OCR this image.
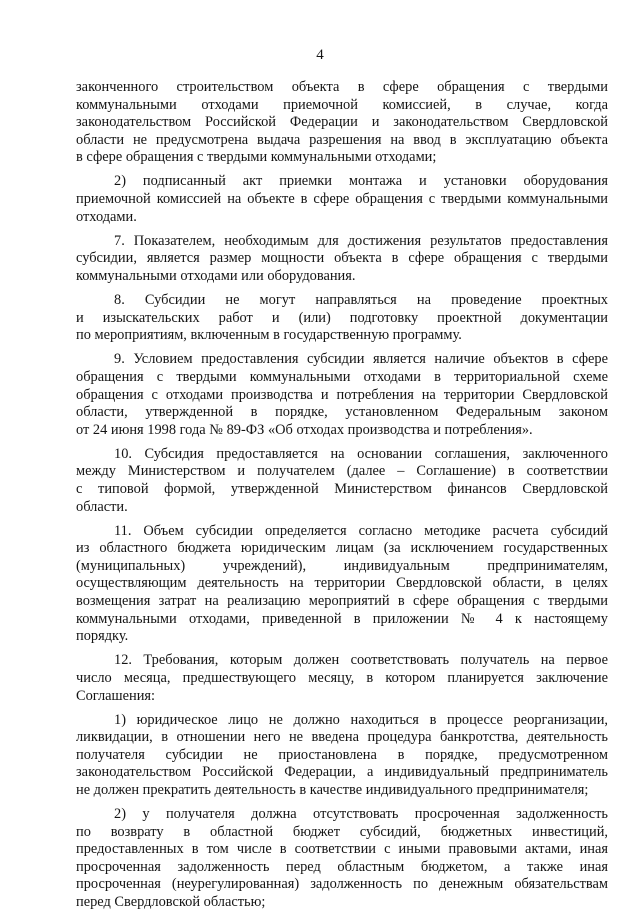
4
законченного строительством объекта в сфере обращения с твердыми
коммунальными отходами приемочной комиссией, в случае, когда
законодательством Российской Федерации и законодательством Свердловской
области не предусмотрена выдача разрешения на ввод в эксплуатацию объекта
в сфере обращения с твердыми коммунальными отходами;
2) подписанный акт приемки монтажа и установки оборудования
приемочной комиссией на объекте в сфере обращения с твердыми коммунальными
отходами.
7. Показателем, необходимым для достижения результатов предоставления
субсидии, является размер мощности объекта в сфере обращения с твердыми
коммунальными отходами или оборудования.
8. Субсидии не могут направляться на проведение проектных
и изыскательских работ и (или) подготовку проектной документации
по мероприятиям, включенным в государственную программу.
9. Условием предоставления субсидии является наличие объектов в сфере
обращения с твердыми коммунальными отходами в территориальной схеме
обращения с отходами производства и потребления на территории Свердловской
области, утвержденной в порядке, установленном Федеральным законом
от 24 июня 1998 года № 89-ФЗ «Об отходах производства и потребления».
10. Субсидия предоставляется на основании соглашения, заключенного
между Министерством и получателем (далее – Соглашение) в соответствии
с типовой формой, утвержденной Министерством финансов Свердловской
области.
11. Объем субсидии определяется согласно методике расчета субсидий
из областного бюджета юридическим лицам (за исключением государственных
(муниципальных) учреждений), индивидуальным предпринимателям,
осуществляющим деятельность на территории Свердловской области, в целях
возмещения затрат на реализацию мероприятий в сфере обращения с твердыми
коммунальными отходами, приведенной в приложении № 4 к настоящему
порядку.
12. Требования, которым должен соответствовать получатель на первое
число месяца, предшествующего месяцу, в котором планируется заключение
Соглашения:
1) юридическое лицо не должно находиться в процессе реорганизации,
ликвидации, в отношении него не введена процедура банкротства, деятельность
получателя субсидии не приостановлена в порядке, предусмотренном
законодательством Российской Федерации, а индивидуальный предприниматель
не должен прекратить деятельность в качестве индивидуального предпринимателя;
2) у получателя должна отсутствовать просроченная задолженность
по возврату в областной бюджет субсидий, бюджетных инвестиций,
предоставленных в том числе в соответствии с иными правовыми актами, иная
просроченная задолженность перед областным бюджетом, а также иная
просроченная (неурегулированная) задолженность по денежным обязательствам
перед Свердловской областью;
